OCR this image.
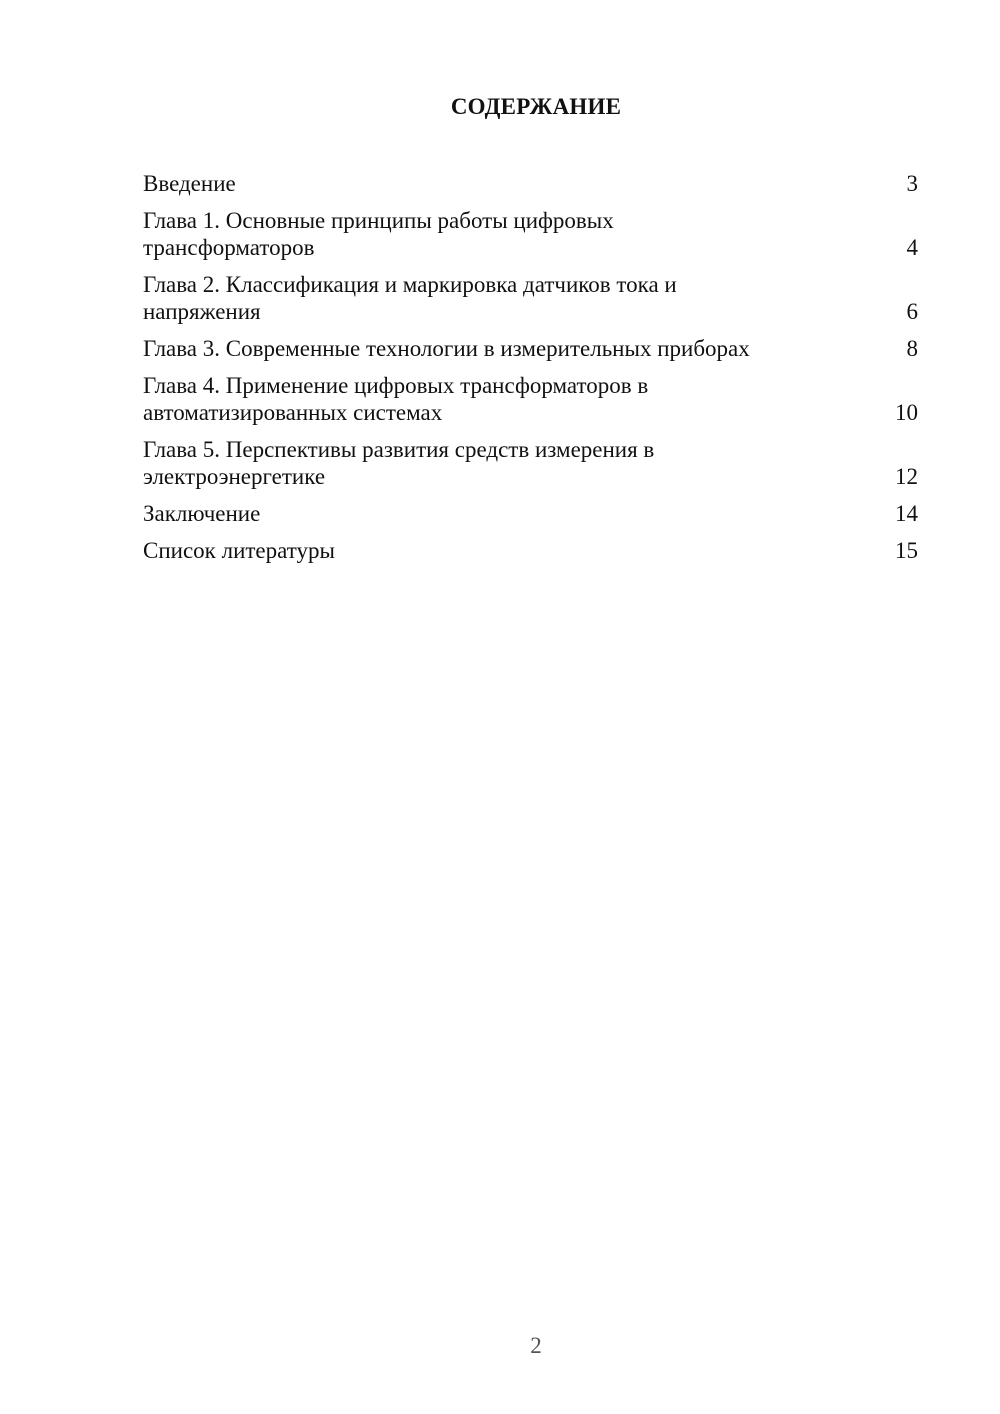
СОДЕРЖАНИЕ
Введение	3
Глава 1. Основные принципы работы цифровых
трансформаторов	4
Глава 2. Классификация и маркировка датчиков тока и
напряжения	6
Глава 3. Современные технологии в измерительных приборах	8
Глава 4. Применение цифровых трансформаторов в
автоматизированных системах	10
Глава 5. Перспективы развития средств измерения в
электроэнергетике	12
Заключение	14
Список литературы	15
2
